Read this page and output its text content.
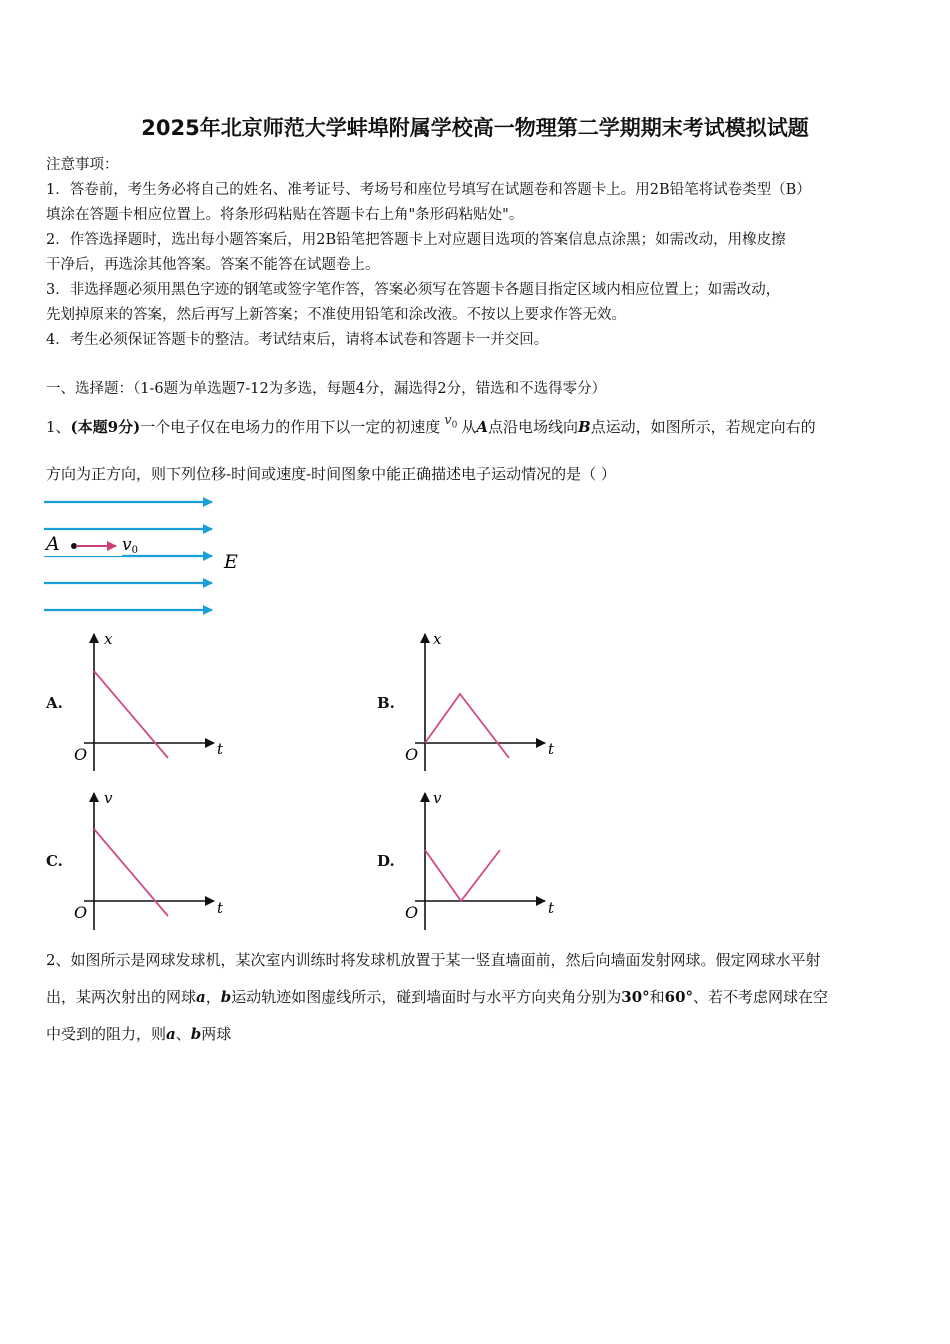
2025年北京师范大学蚌埠附属学校高一物理第二学期期末考试模拟试题
注意事项：
1．答卷前，考生务必将自己的姓名、准考证号、考场号和座位号填写在试题卷和答题卡上。用2B铅笔将试卷类型（B）
填涂在答题卡相应位置上。将条形码粘贴在答题卡右上角"条形码粘贴处"。
2．作答选择题时，选出每小题答案后，用2B铅笔把答题卡上对应题目选项的答案信息点涂黑；如需改动，用橡皮擦
干净后，再选涂其他答案。答案不能答在试题卷上。
3．非选择题必须用黑色字迹的钢笔或签字笔作答，答案必须写在答题卡各题目指定区域内相应位置上；如需改动，
先划掉原来的答案，然后再写上新答案；不准使用铅笔和涂改液。不按以上要求作答无效。
4．考生必须保证答题卡的整洁。考试结束后，请将本试卷和答题卡一并交回。
一、选择题：（1-6题为单选题7-12为多选，每题4分，漏选得2分，错选和不选得零分）
1、(本题9分)一个电子仅在电场力的作用下以一定的初速度 $v_0$ 从A点沿电场线向B点运动，如图所示，若规定向右的
方向为正方向，则下列位移-时间或速度-时间图象中能正确描述电子运动情况的是（ ）
A	v0
E
A.
x
t
O
B.
x
t
O
C.
v
t
O
D.
v
t
O
2、如图所示是网球发球机，某次室内训练时将发球机放置于某一竖直墙面前，然后向墙面发射网球。假定网球水平射
出，某两次射出的网球a，b运动轨迹如图虚线所示，碰到墙面时与水平方向夹角分别为30°和60°、若不考虑网球在空
中受到的阻力，则a、b两球
